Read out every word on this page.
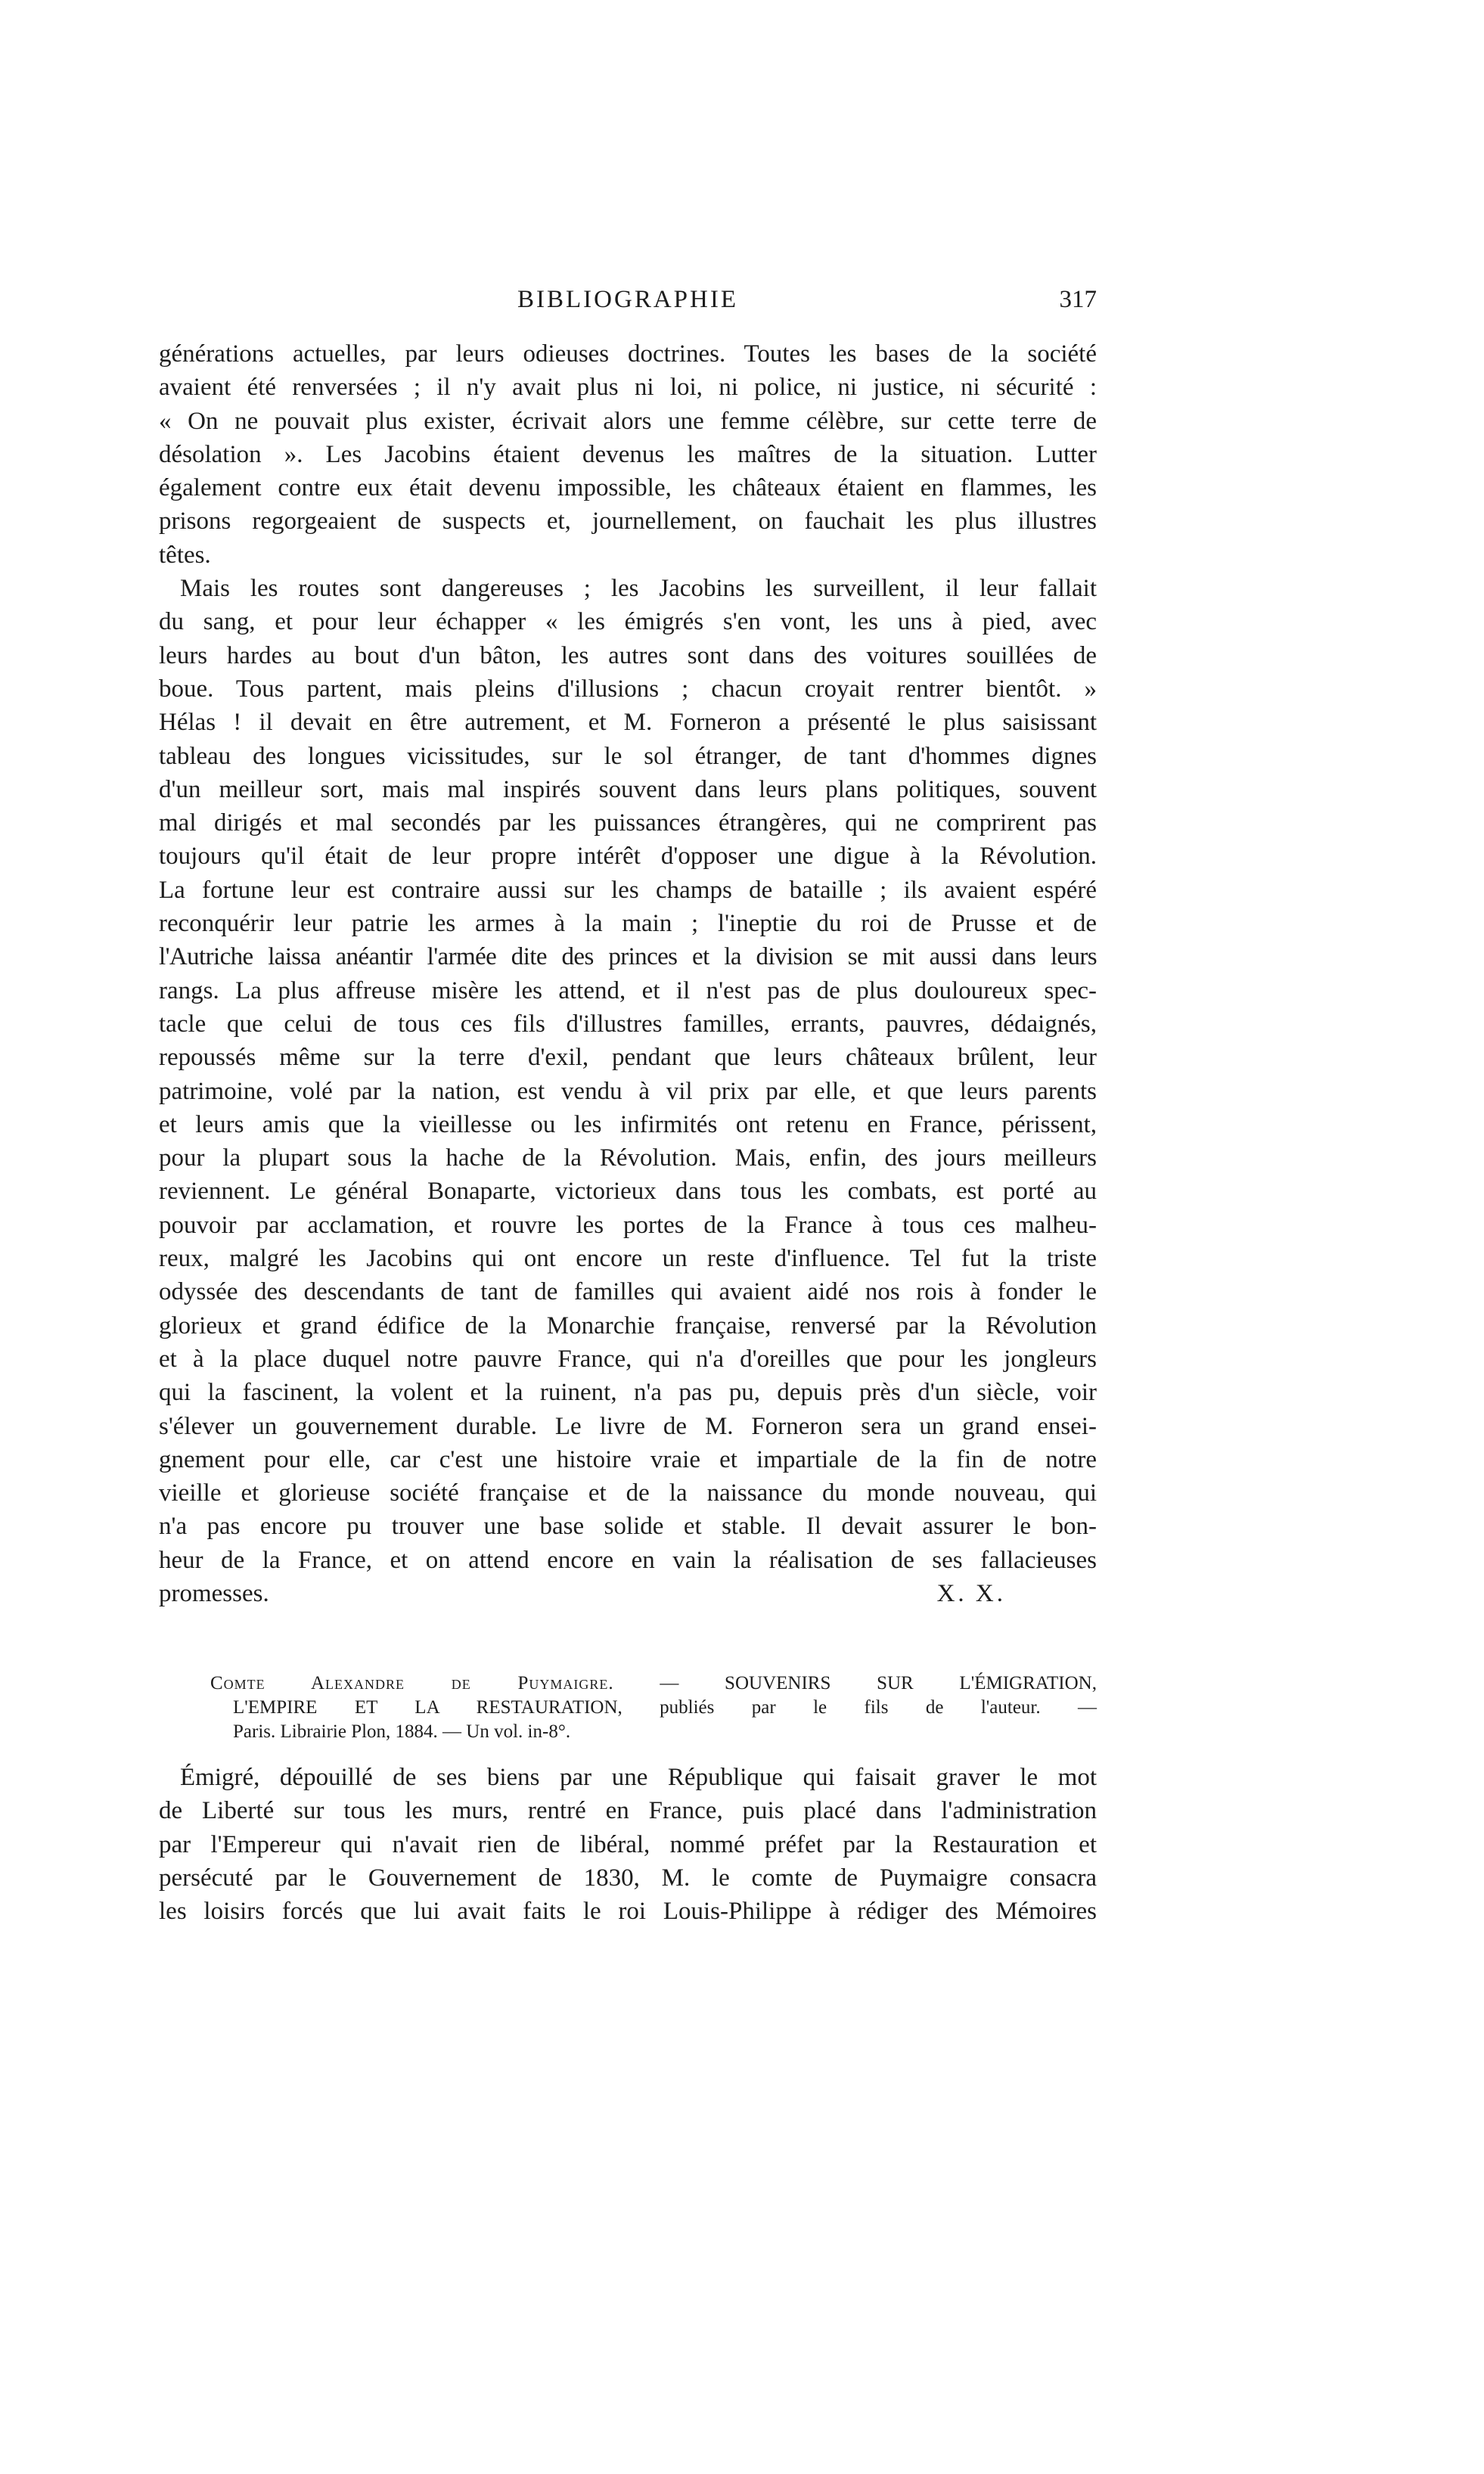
BIBLIOGRAPHIE	317
générations actuelles, par leurs odieuses doctrines. Toutes les bases de la société
avaient été renversées ; il n'y avait plus ni loi, ni police, ni justice, ni sécurité :
« On ne pouvait plus exister, écrivait alors une femme célèbre, sur cette terre de
désolation ». Les Jacobins étaient devenus les maîtres de la situation. Lutter
également contre eux était devenu impossible, les châteaux étaient en flammes, les
prisons regorgeaient de suspects et, journellement, on fauchait les plus illustres
têtes.
Mais les routes sont dangereuses ; les Jacobins les surveillent, il leur fallait
du sang, et pour leur échapper « les émigrés s'en vont, les uns à pied, avec
leurs hardes au bout d'un bâton, les autres sont dans des voitures souillées de
boue. Tous partent, mais pleins d'illusions ; chacun croyait rentrer bientôt. »
Hélas ! il devait en être autrement, et M. Forneron a présenté le plus saisissant
tableau des longues vicissitudes, sur le sol étranger, de tant d'hommes dignes
d'un meilleur sort, mais mal inspirés souvent dans leurs plans politiques, souvent
mal dirigés et mal secondés par les puissances étrangères, qui ne comprirent pas
toujours qu'il était de leur propre intérêt d'opposer une digue à la Révolution.
La fortune leur est contraire aussi sur les champs de bataille ; ils avaient espéré
reconquérir leur patrie les armes à la main ; l'ineptie du roi de Prusse et de
l'Autriche laissa anéantir l'armée dite des princes et la division se mit aussi dans leurs
rangs. La plus affreuse misère les attend, et il n'est pas de plus douloureux spec-
tacle que celui de tous ces fils d'illustres familles, errants, pauvres, dédaignés,
repoussés même sur la terre d'exil, pendant que leurs châteaux brûlent, leur
patrimoine, volé par la nation, est vendu à vil prix par elle, et que leurs parents
et leurs amis que la vieillesse ou les infirmités ont retenu en France, périssent,
pour la plupart sous la hache de la Révolution. Mais, enfin, des jours meilleurs
reviennent. Le général Bonaparte, victorieux dans tous les combats, est porté au
pouvoir par acclamation, et rouvre les portes de la France à tous ces malheu-
reux, malgré les Jacobins qui ont encore un reste d'influence. Tel fut la triste
odyssée des descendants de tant de familles qui avaient aidé nos rois à fonder le
glorieux et grand édifice de la Monarchie française, renversé par la Révolution
et à la place duquel notre pauvre France, qui n'a d'oreilles que pour les jongleurs
qui la fascinent, la volent et la ruinent, n'a pas pu, depuis près d'un siècle, voir
s'élever un gouvernement durable. Le livre de M. Forneron sera un grand ensei-
gnement pour elle, car c'est une histoire vraie et impartiale de la fin de notre
vieille et glorieuse société française et de la naissance du monde nouveau, qui
n'a pas encore pu trouver une base solide et stable. Il devait assurer le bon-
heur de la France, et on attend encore en vain la réalisation de ses fallacieuses
promesses.	X. X.
Comte Alexandre de Puymaigre. — SOUVENIRS SUR L'ÉMIGRATION,
L'EMPIRE ET LA RESTAURATION, publiés par le fils de l'auteur. —
Paris. Librairie Plon, 1884. — Un vol. in-8°.
Émigré, dépouillé de ses biens par une République qui faisait graver le mot
de Liberté sur tous les murs, rentré en France, puis placé dans l'administration
par l'Empereur qui n'avait rien de libéral, nommé préfet par la Restauration et
persécuté par le Gouvernement de 1830, M. le comte de Puymaigre consacra
les loisirs forcés que lui avait faits le roi Louis-Philippe à rédiger des Mémoires
